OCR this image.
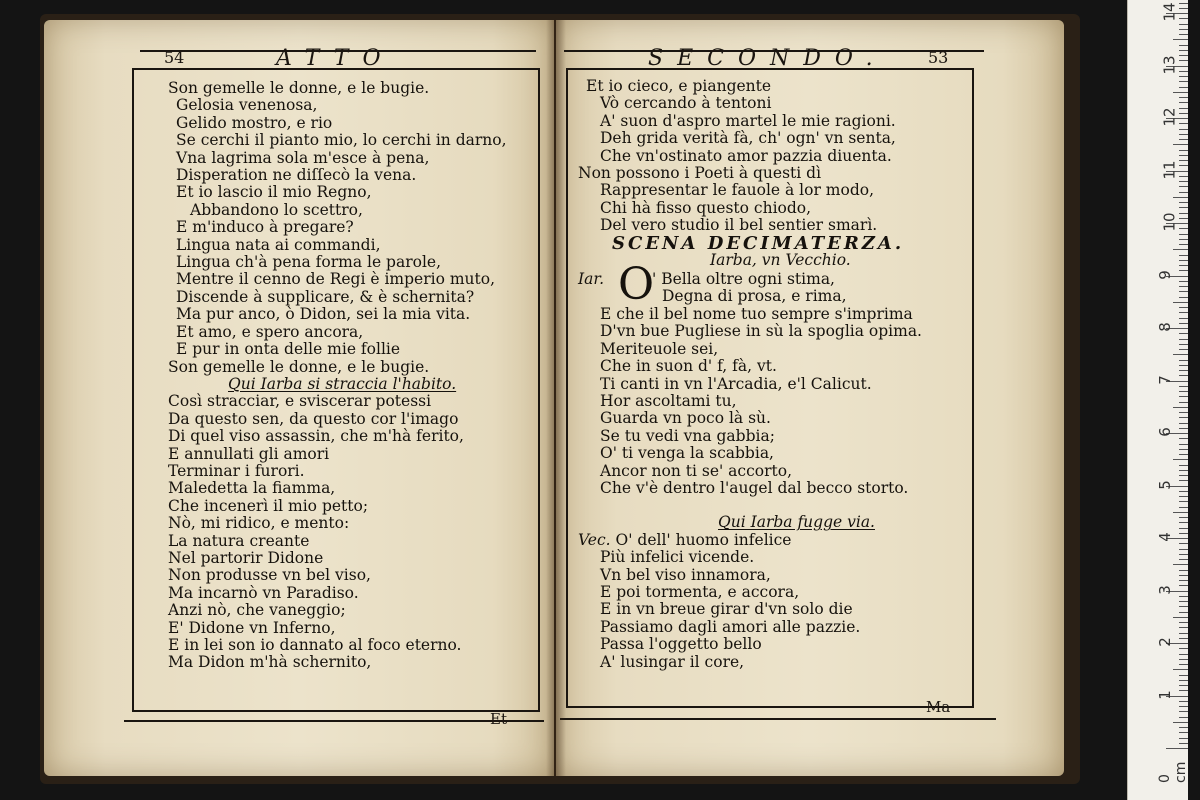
54	ATTO
Son gemelle le donne, e le bugie.
Gelosia venenosa,
Gelido mostro, e rio
Se cerchi il pianto mio, lo cerchi in darno,
Vna lagrima sola m'esce à pena,
Disperation ne diſſecò la vena.
Et io lascio il mio Regno,
Abbandono lo scettro,
E m'induco à pregare?
Lingua nata ai commandi,
Lingua ch'à pena forma le parole,
Mentre il cenno de Regi è imperio muto,
Discende à supplicare, & è schernita?
Ma pur anco, ò Didon, sei la mia vita.
Et amo, e spero ancora,
E pur in onta delle mie follie
Son gemelle le donne, e le bugie.
Qui Iarba si straccia l'habito.
Così stracciar, e sviscerar potessi
Da questo sen, da questo cor l'imago
Di quel viso assassin, che m'hà ferito,
E annullati gli amori
Terminar i furori.
Maledetta la fiamma,
Che incenerì il mio petto;
Nò, mi ridico, e mento:
La natura creante
Nel partorir Didone
Non produsse vn bel viso,
Ma incarnò vn Paradiso.
Anzi nò, che vaneggio;
E' Didone vn Inferno,
E in lei son io dannato al foco eterno.
Ma Didon m'hà schernito,
Et
SECONDO.	53
Et io cieco, e piangente
Vò cercando à tentoni
A' suon d'aspro martel le mie ragioni.
Deh grida verità fà, ch' ogn' vn senta,
Che vn'ostinato amor pazzia diuenta.
Non possono i Poeti à questi dì
Rappresentar le fauole à lor modo,
Chi hà fisso questo chiodo,
Del vero studio il bel sentier smarì.
SCENA DECIMATERZA.
Iarba, vn Vecchio.
Iar. O
' Bella oltre ogni stima,
Degna di prosa, e rima,
E che il bel nome tuo sempre s'imprima
D'vn bue Pugliese in sù la spoglia opima.
Meriteuole sei,
Che in suon d' f, fà, vt.
Ti canti in vn l'Arcadia, e'l Calicut.
Hor ascoltami tu,
Guarda vn poco là sù.
Se tu vedi vna gabbia;
O' ti venga la scabbia,
Ancor non ti se' accorto,
Che v'è dentro l'augel dal becco storto.
Qui Iarba fugge via.
Vec. O' dell' huomo infelice
Più infelici vicende.
Vn bel viso innamora,
E poi tormenta, e accora,
E in vn breue girar d'vn solo die
Passiamo dagli amori alle pazzie.
Passa l'oggetto bello
A' lusingar il core,
Ma
0 cm
1
2
3
4
5
6
7
8
9
10
11
12
13
14
